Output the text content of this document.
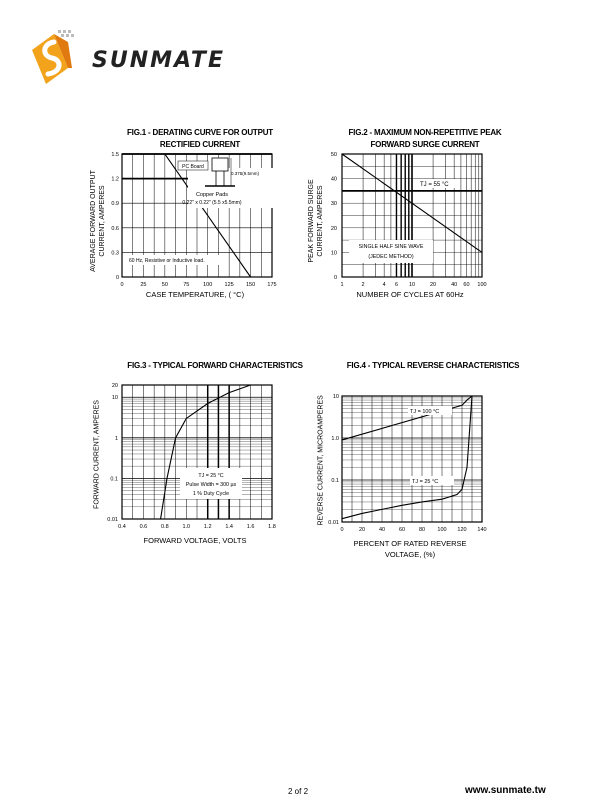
SUNMATE
FIG.1 - DERATING CURVE FOR OUTPUT
RECTIFIED CURRENT
AVERAGE FORWARD OUTPUT CURRENT, AMPERES
1.5
1.2
0.9
0.6
0.3
0
0	25	50	75	100 125 150 175
PC Board
0.375(9.5mm)
Copper Pads
0.22" x 0.22" (5.5 x5.5mm)
60 Hz, Resistive or Inductive load.
CASE TEMPERATURE, ( °C)
FIG.2 - MAXIMUM NON-REPETITIVE PEAK
FORWARD SURGE CURRENT
PEAK FORWARD SURGE CURRENT, AMPERES
50
40
30
20
10
0
1	2	4 6 10	20	40 60 100
TJ = 55 °C
SINGLE HALF SINE WAVE
(JEDEC METHOD)
NUMBER OF CYCLES AT 60Hz
FIG.3 - TYPICAL FORWARD CHARACTERISTICS
FORWARD CURRENT, AMPERES
20
10
1
0.1
0.01
0.4	0.6	0.8	1.0	1.2	1.4	1.6	1.8
TJ = 25 °C
Pulse Width = 300 µs
1 % Duty Cycle
FORWARD VOLTAGE, VOLTS
FIG.4 - TYPICAL REVERSE CHARACTERISTICS
REVERSE CURRENT, MICROAMPERES 10
1.0
0.1
0.01
0	20	40	60	80 100 120 140
TJ = 100 °C
TJ = 25 °C
PERCENT OF RATED REVERSE
VOLTAGE, (%)
2 of 2	www.sunmate.tw
